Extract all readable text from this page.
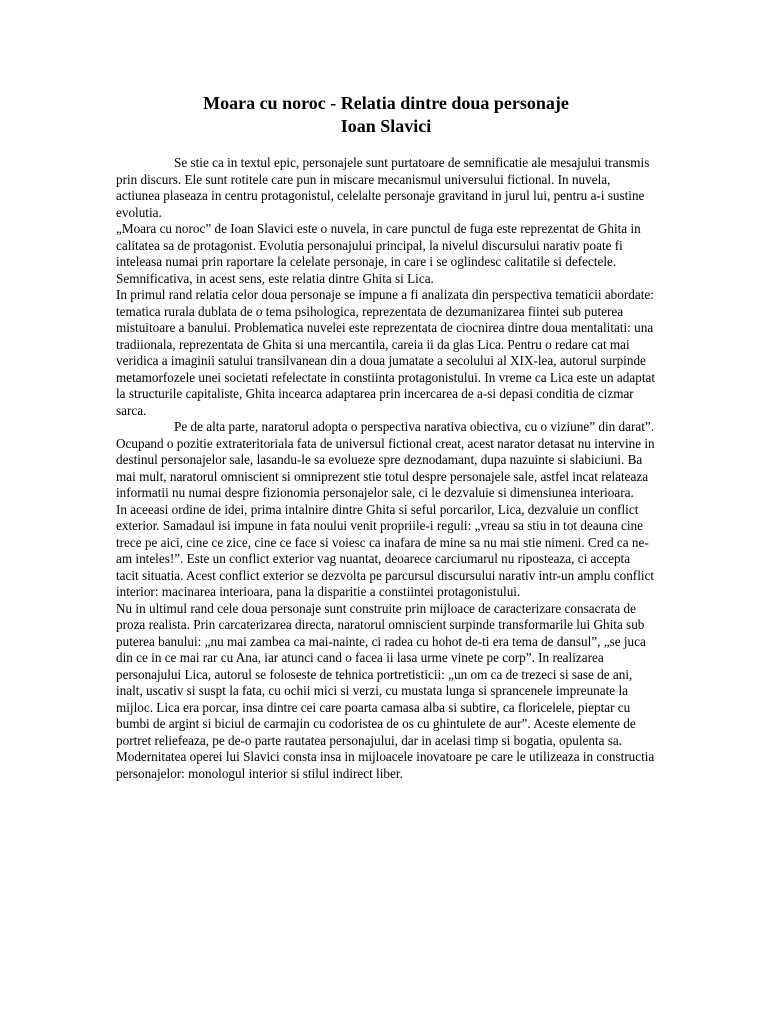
Moara cu noroc - Relatia dintre doua personaje
Ioan Slavici

Se stie ca in textul epic, personajele sunt purtatoare de semnificatie ale mesajului transmis prin discurs. Ele sunt rotitele care pun in miscare mecanismul universului fictional. In nuvela, actiunea plaseaza in centru protagonistul, celelalte personaje gravitand in jurul lui, pentru a-i sustine evolutia.

„Moara cu noroc” de Ioan Slavici este o nuvela, in care punctul de fuga este reprezentat de Ghita in calitatea sa de protagonist. Evolutia personajului principal, la nivelul discursului narativ poate fi inteleasa numai prin raportare la celelate personaje, in care i se oglindesc calitatile si defectele. Semnificativa, in acest sens, este relatia dintre Ghita si Lica.

In primul rand relatia celor doua personaje se impune a fi analizata din perspectiva tematicii abordate: tematica rurala dublata de o tema psihologica, reprezentata de dezumanizarea fiintei sub puterea mistuitoare a banului. Problematica nuvelei este reprezentata de ciocnirea dintre doua mentalitati: una tradiionala, reprezentata de Ghita si una mercantila, careia ii da glas Lica. Pentru o redare cat mai veridica a imaginii satului transilvanean din a doua jumatate a secolului al XIX-lea, autorul surpinde metamorfozele unei societati refelectate in constiinta protagonistului. In vreme ca Lica este un adaptat la structurile capitaliste, Ghita incearca adaptarea prin incercarea de a-si depasi conditia de cizmar sarca.

Pe de alta parte, naratorul adopta o perspectiva narativa obiectiva, cu o viziune” din darat”. Ocupand o pozitie extrateritoriala fata de universul fictional creat, acest narator detasat nu intervine in destinul personajelor sale, lasandu-le sa evolueze spre deznodamant, dupa nazuinte si slabiciuni. Ba mai mult, naratorul omniscient si omniprezent stie totul despre personajele sale, astfel incat relateaza informatii nu numai despre fizionomia personajelor sale, ci le dezvaluie si dimensiunea interioara.

In aceeasi ordine de idei, prima intalnire dintre Ghita si seful porcarilor, Lica, dezvaluie un conflict exterior. Samadaul isi impune in fata noului venit propriile-i reguli: „vreau sa stiu in tot deauna cine trece pe aici, cine ce zice, cine ce face si voiesc ca inafara de mine sa nu mai stie nimeni. Cred ca ne-am inteles!”. Este un conflict exterior vag nuantat, deoarece carciumarul nu riposteaza, ci accepta tacit situatia. Acest conflict exterior se dezvolta pe parcursul discursului narativ intr-un amplu conflict interior: macinarea interioara, pana la disparitie a constiintei protagonistului.

Nu in ultimul rand cele doua personaje sunt construite prin mijloace de caracterizare consacrata de proza realista. Prin carcaterizarea directa, naratorul omniscient surpinde transformarile lui Ghita sub puterea banului: „nu mai zambea ca mai-nainte, ci radea cu hohot de-ti era tema de dansul”, „se juca din ce in ce mai rar cu Ana, iar atunci cand o facea ii lasa urme vinete pe corp”. In realizarea personajului Lica, autorul se foloseste de tehnica portretisticii: „un om ca de trezeci si sase de ani, inalt, uscativ si suspt la fata, cu ochii mici si verzi, cu mustata lunga si sprancenele impreunate la mijloc. Lica era porcar, insa dintre cei care poarta camasa alba si subtire, ca floricelele, pieptar cu bumbi de argint si biciul de carmajin cu codoristea de os cu ghintulete de aur”. Aceste elemente de portret reliefeaza, pe de-o parte rautatea personajului, dar in acelasi timp si bogatia, opulenta sa. Modernitatea operei lui Slavici consta insa in mijloacele inovatoare pe care le utilizeaza in constructia personajelor: monologul interior si stilul indirect liber.
